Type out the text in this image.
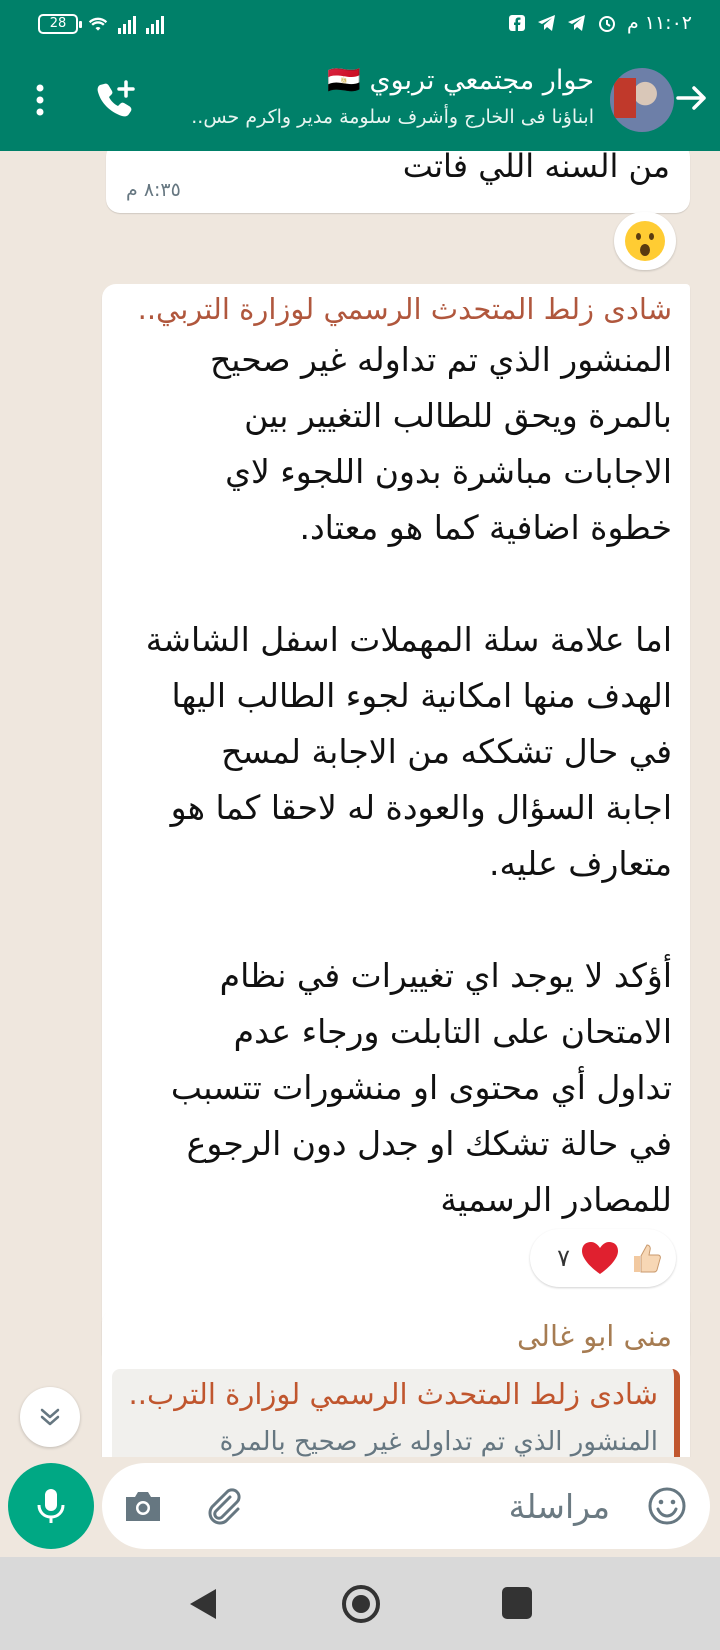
28	١١:٠٢ م
حوار مجتمعي تربوي 🇪🇬
ابناؤنا فى الخارج وأشرف سلومة مدير واكرم حس..
من السنه اللي فاتت
٨:٣٥ م
شادى زلط المتحدث الرسمي لوزارة التربي..
المنشور الذي تم تداوله غير صحيح
بالمرة ويحق للطالب التغيير بين
الاجابات مباشرة بدون اللجوء لاي
خطوة اضافية كما هو معتاد.

اما علامة سلة المهملات اسفل الشاشة
الهدف منها امكانية لجوء الطالب اليها
في حال تشككه من الاجابة لمسح
اجابة السؤال والعودة له لاحقا كما هو
متعارف عليه.

أؤكد لا يوجد اي تغييرات في نظام
الامتحان على التابلت ورجاء عدم
تداول أي محتوى او منشورات تتسبب
في حالة تشكك او جدل دون الرجوع
للمصادر الرسمية
٧
منى ابو غالى
شادى زلط المتحدث الرسمي لوزارة الترب..
المنشور الذي تم تداوله غير صحيح بالمرة
مراسلة
